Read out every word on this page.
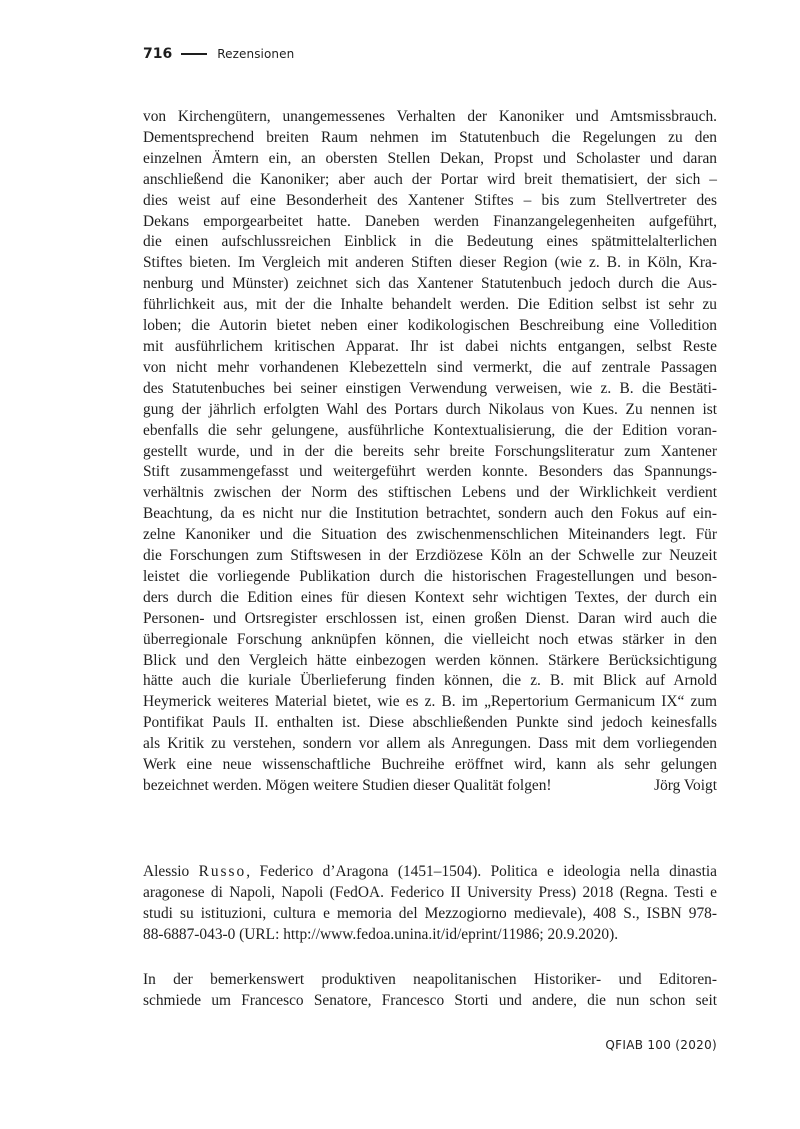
716	Rezensionen
von Kirchengütern, unangemessenes Verhalten der Kanoniker und Amtsmissbrauch.
Dementsprechend breiten Raum nehmen im Statutenbuch die Regelungen zu den
einzelnen Ämtern ein, an obersten Stellen Dekan, Propst und Scholaster und daran
anschließend die Kanoniker; aber auch der Portar wird breit thematisiert, der sich –
dies weist auf eine Besonderheit des Xantener Stiftes – bis zum Stellvertreter des
Dekans emporgearbeitet hatte. Daneben werden Finanzangelegenheiten aufgeführt,
die einen aufschlussreichen Einblick in die Bedeutung eines spätmittelalterlichen
Stiftes bieten. Im Vergleich mit anderen Stiften dieser Region (wie z. B. in Köln, Kra-
nenburg und Münster) zeichnet sich das Xantener Statutenbuch jedoch durch die Aus-
führlichkeit aus, mit der die Inhalte behandelt werden. Die Edition selbst ist sehr zu
loben; die Autorin bietet neben einer kodikologischen Beschreibung eine Volledition
mit ausführlichem kritischen Apparat. Ihr ist dabei nichts entgangen, selbst Reste
von nicht mehr vorhandenen Klebezetteln sind vermerkt, die auf zentrale Passagen
des Statutenbuches bei seiner einstigen Verwendung verweisen, wie z. B. die Bestäti-
gung der jährlich erfolgten Wahl des Portars durch Nikolaus von Kues. Zu nennen ist
ebenfalls die sehr gelungene, ausführliche Kontextualisierung, die der Edition voran-
gestellt wurde, und in der die bereits sehr breite Forschungsliteratur zum Xantener
Stift zusammengefasst und weitergeführt werden konnte. Besonders das Spannungs-
verhältnis zwischen der Norm des stiftischen Lebens und der Wirklichkeit verdient
Beachtung, da es nicht nur die Institution betrachtet, sondern auch den Fokus auf ein-
zelne Kanoniker und die Situation des zwischenmenschlichen Miteinanders legt. Für
die Forschungen zum Stiftswesen in der Erzdiözese Köln an der Schwelle zur Neuzeit
leistet die vorliegende Publikation durch die historischen Fragestellungen und beson-
ders durch die Edition eines für diesen Kontext sehr wichtigen Textes, der durch ein
Personen- und Ortsregister erschlossen ist, einen großen Dienst. Daran wird auch die
überregionale Forschung anknüpfen können, die vielleicht noch etwas stärker in den
Blick und den Vergleich hätte einbezogen werden können. Stärkere Berücksichtigung
hätte auch die kuriale Überlieferung finden können, die z. B. mit Blick auf Arnold
Heymerick weiteres Material bietet, wie es z. B. im „Repertorium Germanicum IX“ zum
Pontifikat Pauls II. enthalten ist. Diese abschließenden Punkte sind jedoch keinesfalls
als Kritik zu verstehen, sondern vor allem als Anregungen. Dass mit dem vorliegenden
Werk eine neue wissenschaftliche Buchreihe eröffnet wird, kann als sehr gelungen
bezeichnet werden. Mögen weitere Studien dieser Qualität folgen!	Jörg Voigt
Alessio Russo, Federico d’Aragona (1451–1504). Politica e ideologia nella dinastia
aragonese di Napoli, Napoli (FedOA. Federico II University Press) 2018 (Regna. Testi e
studi su istituzioni, cultura e memoria del Mezzogiorno medievale), 408 S., ISBN 978-
88-6887-043-0 (URL: http://www.fedoa.unina.it/id/eprint/11986; 20.9.2020).
In der bemerkenswert produktiven neapolitanischen Historiker- und Editoren-
schmiede um Francesco Senatore, Francesco Storti und andere, die nun schon seit
QFIAB 100 (2020)
